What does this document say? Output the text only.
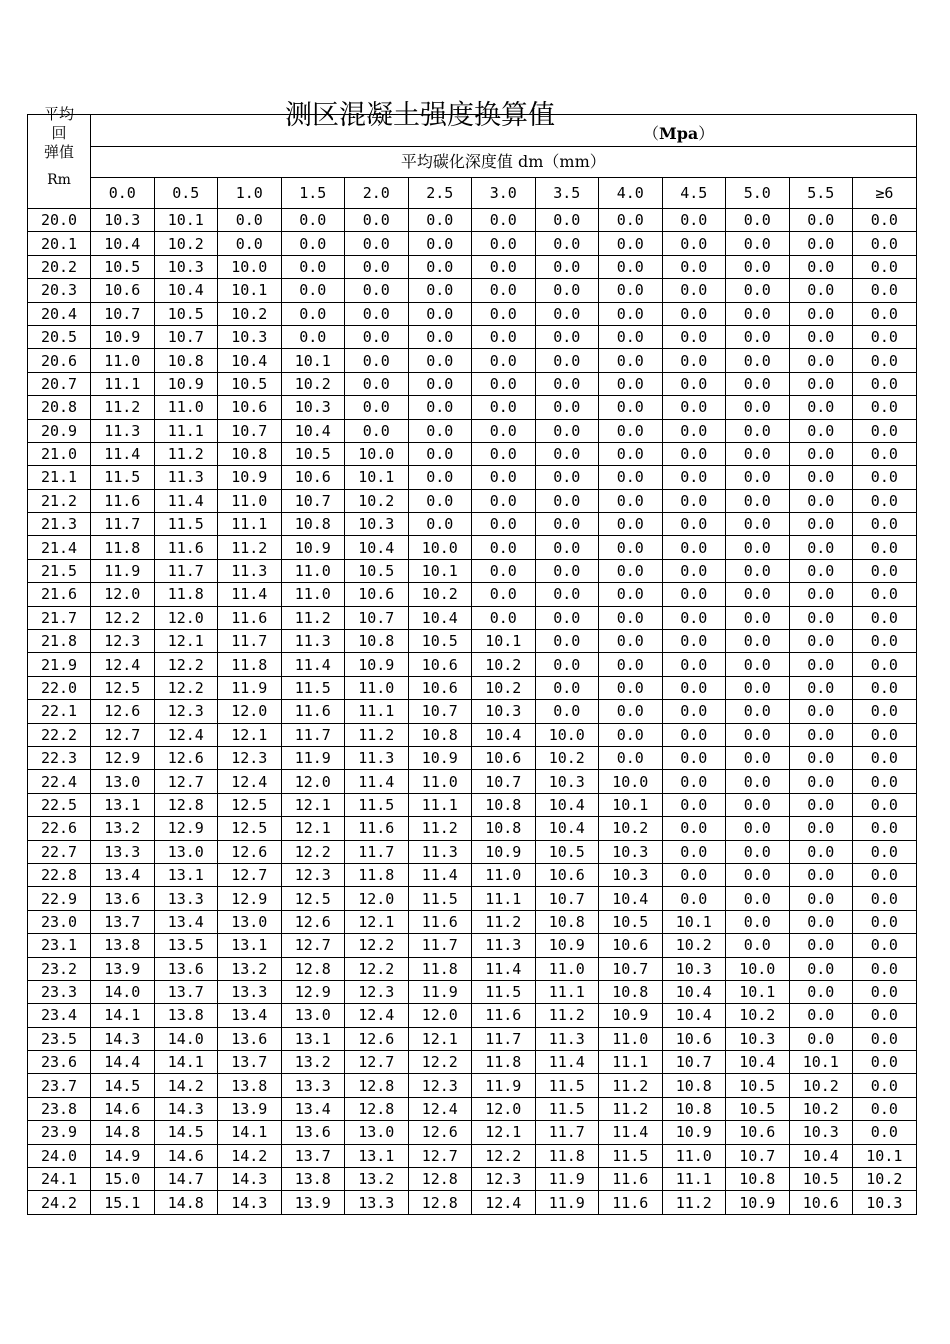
平均
回
弹值
Rm	测区混凝土强度换算值
（Mpa）												

	平均碳化深度值 dm（mm）												
	0.0	0.5	1.0	1.5	2.0	2.5	3.0	3.5	4.0	4.5	5.0	5.5	≥6
20.0	10.3	10.1	0.0	0.0	0.0	0.0	0.0	0.0	0.0	0.0	0.0	0.0	0.0
20.1	10.4	10.2	0.0	0.0	0.0	0.0	0.0	0.0	0.0	0.0	0.0	0.0	0.0
20.2	10.5	10.3	10.0	0.0	0.0	0.0	0.0	0.0	0.0	0.0	0.0	0.0	0.0
20.3	10.6	10.4	10.1	0.0	0.0	0.0	0.0	0.0	0.0	0.0	0.0	0.0	0.0
20.4	10.7	10.5	10.2	0.0	0.0	0.0	0.0	0.0	0.0	0.0	0.0	0.0	0.0
20.5	10.9	10.7	10.3	0.0	0.0	0.0	0.0	0.0	0.0	0.0	0.0	0.0	0.0
20.6	11.0	10.8	10.4	10.1	0.0	0.0	0.0	0.0	0.0	0.0	0.0	0.0	0.0
20.7	11.1	10.9	10.5	10.2	0.0	0.0	0.0	0.0	0.0	0.0	0.0	0.0	0.0
20.8	11.2	11.0	10.6	10.3	0.0	0.0	0.0	0.0	0.0	0.0	0.0	0.0	0.0
20.9	11.3	11.1	10.7	10.4	0.0	0.0	0.0	0.0	0.0	0.0	0.0	0.0	0.0
21.0	11.4	11.2	10.8	10.5	10.0	0.0	0.0	0.0	0.0	0.0	0.0	0.0	0.0
21.1	11.5	11.3	10.9	10.6	10.1	0.0	0.0	0.0	0.0	0.0	0.0	0.0	0.0
21.2	11.6	11.4	11.0	10.7	10.2	0.0	0.0	0.0	0.0	0.0	0.0	0.0	0.0
21.3	11.7	11.5	11.1	10.8	10.3	0.0	0.0	0.0	0.0	0.0	0.0	0.0	0.0
21.4	11.8	11.6	11.2	10.9	10.4	10.0	0.0	0.0	0.0	0.0	0.0	0.0	0.0
21.5	11.9	11.7	11.3	11.0	10.5	10.1	0.0	0.0	0.0	0.0	0.0	0.0	0.0
21.6	12.0	11.8	11.4	11.0	10.6	10.2	0.0	0.0	0.0	0.0	0.0	0.0	0.0
21.7	12.2	12.0	11.6	11.2	10.7	10.4	0.0	0.0	0.0	0.0	0.0	0.0	0.0
21.8	12.3	12.1	11.7	11.3	10.8	10.5	10.1	0.0	0.0	0.0	0.0	0.0	0.0
21.9	12.4	12.2	11.8	11.4	10.9	10.6	10.2	0.0	0.0	0.0	0.0	0.0	0.0
22.0	12.5	12.2	11.9	11.5	11.0	10.6	10.2	0.0	0.0	0.0	0.0	0.0	0.0
22.1	12.6	12.3	12.0	11.6	11.1	10.7	10.3	0.0	0.0	0.0	0.0	0.0	0.0
22.2	12.7	12.4	12.1	11.7	11.2	10.8	10.4	10.0	0.0	0.0	0.0	0.0	0.0
22.3	12.9	12.6	12.3	11.9	11.3	10.9	10.6	10.2	0.0	0.0	0.0	0.0	0.0
22.4	13.0	12.7	12.4	12.0	11.4	11.0	10.7	10.3	10.0	0.0	0.0	0.0	0.0
22.5	13.1	12.8	12.5	12.1	11.5	11.1	10.8	10.4	10.1	0.0	0.0	0.0	0.0
22.6	13.2	12.9	12.5	12.1	11.6	11.2	10.8	10.4	10.2	0.0	0.0	0.0	0.0
22.7	13.3	13.0	12.6	12.2	11.7	11.3	10.9	10.5	10.3	0.0	0.0	0.0	0.0
22.8	13.4	13.1	12.7	12.3	11.8	11.4	11.0	10.6	10.3	0.0	0.0	0.0	0.0
22.9	13.6	13.3	12.9	12.5	12.0	11.5	11.1	10.7	10.4	0.0	0.0	0.0	0.0
23.0	13.7	13.4	13.0	12.6	12.1	11.6	11.2	10.8	10.5	10.1	0.0	0.0	0.0
23.1	13.8	13.5	13.1	12.7	12.2	11.7	11.3	10.9	10.6	10.2	0.0	0.0	0.0
23.2	13.9	13.6	13.2	12.8	12.2	11.8	11.4	11.0	10.7	10.3	10.0	0.0	0.0
23.3	14.0	13.7	13.3	12.9	12.3	11.9	11.5	11.1	10.8	10.4	10.1	0.0	0.0
23.4	14.1	13.8	13.4	13.0	12.4	12.0	11.6	11.2	10.9	10.4	10.2	0.0	0.0
23.5	14.3	14.0	13.6	13.1	12.6	12.1	11.7	11.3	11.0	10.6	10.3	0.0	0.0
23.6	14.4	14.1	13.7	13.2	12.7	12.2	11.8	11.4	11.1	10.7	10.4	10.1	0.0
23.7	14.5	14.2	13.8	13.3	12.8	12.3	11.9	11.5	11.2	10.8	10.5	10.2	0.0
23.8	14.6	14.3	13.9	13.4	12.8	12.4	12.0	11.5	11.2	10.8	10.5	10.2	0.0
23.9	14.8	14.5	14.1	13.6	13.0	12.6	12.1	11.7	11.4	10.9	10.6	10.3	0.0
24.0	14.9	14.6	14.2	13.7	13.1	12.7	12.2	11.8	11.5	11.0	10.7	10.4	10.1
24.1	15.0	14.7	14.3	13.8	13.2	12.8	12.3	11.9	11.6	11.1	10.8	10.5	10.2
24.2	15.1	14.8	14.3	13.9	13.3	12.8	12.4	11.9	11.6	11.2	10.9	10.6	10.3
